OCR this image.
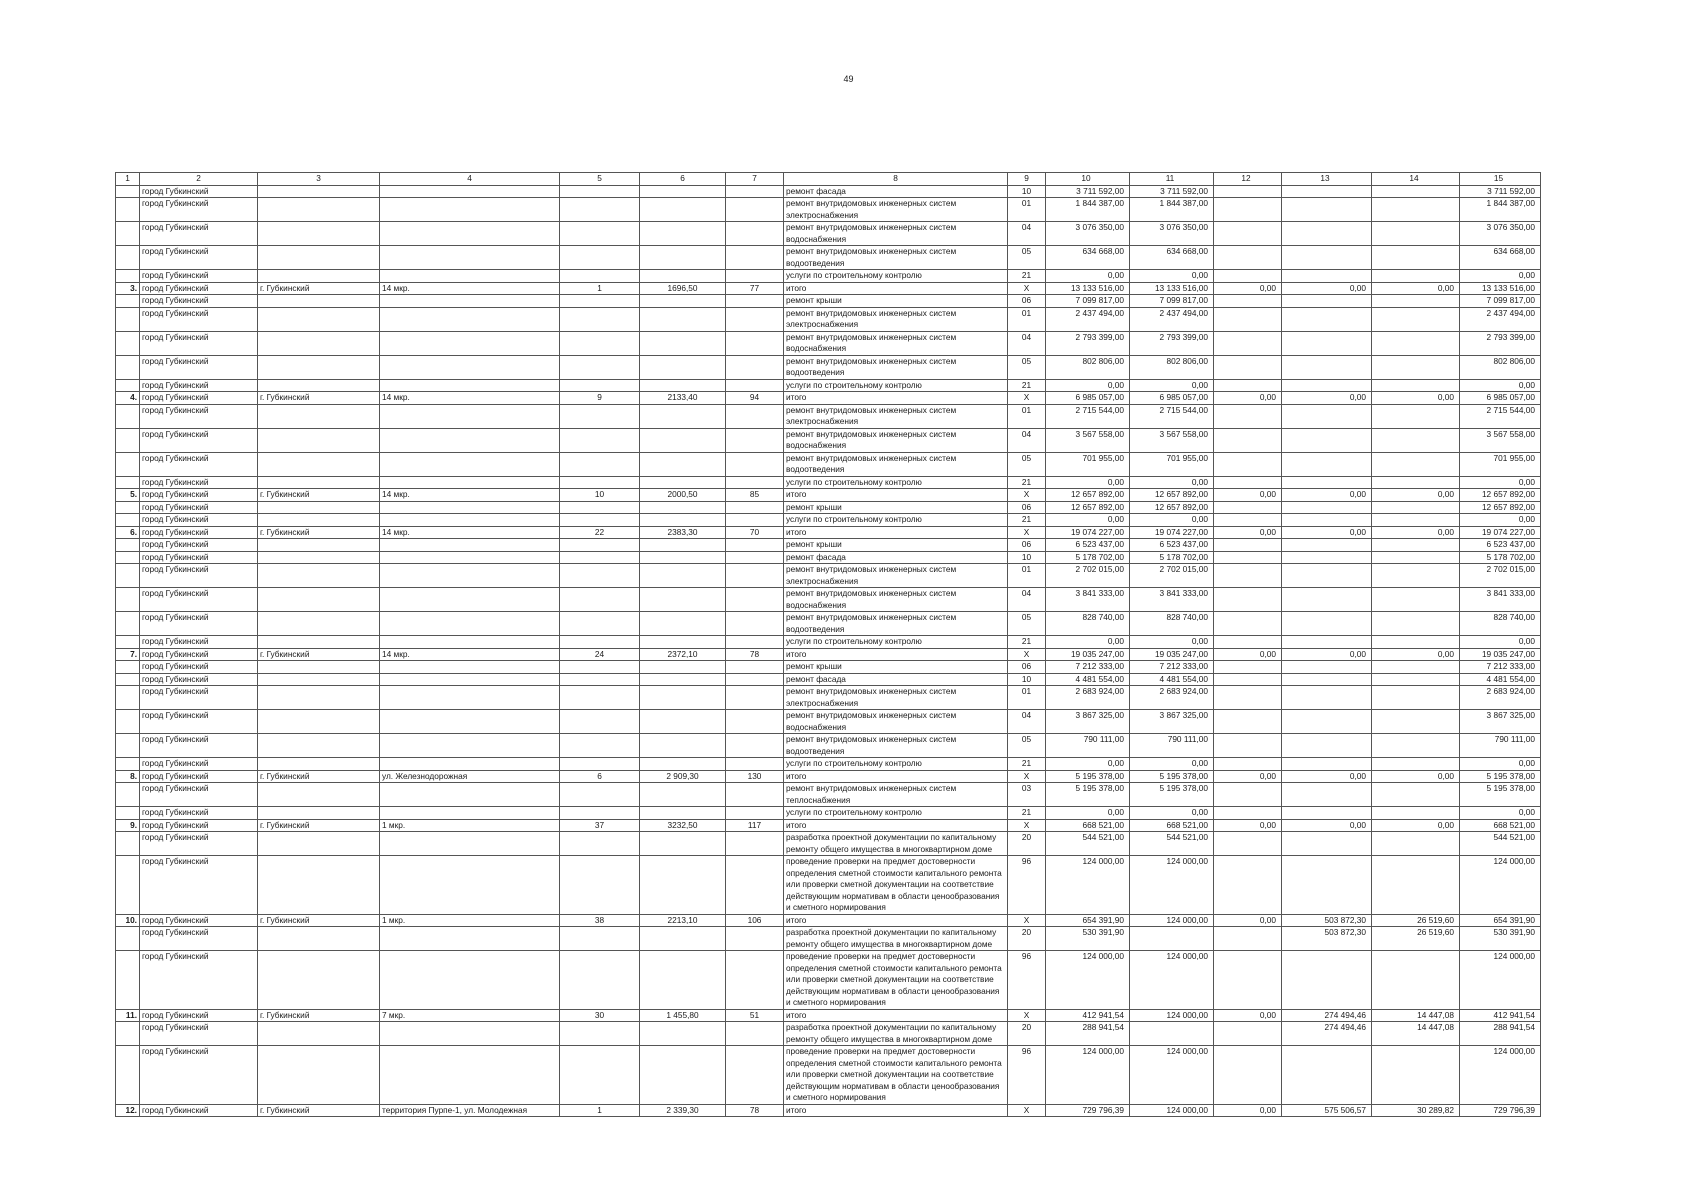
49
1	2	3	4	5	6	7	8	9	10	11	12	13	14	15
	город Губкинский						ремонт фасада	10	3 711 592,00	3 711 592,00				3 711 592,00
	город Губкинский						ремонт внутридомовых инженерных систем электроснабжения	01	1 844 387,00	1 844 387,00				1 844 387,00
	город Губкинский						ремонт внутридомовых инженерных систем водоснабжения	04	3 076 350,00	3 076 350,00				3 076 350,00
	город Губкинский						ремонт внутридомовых инженерных систем водоотведения	05	634 668,00	634 668,00				634 668,00
	город Губкинский						услуги по строительному контролю	21	0,00	0,00				0,00
3.	город Губкинский	г. Губкинский	14 мкр.	1	1696,50	77	итого	X	13 133 516,00	13 133 516,00	0,00	0,00	0,00	13 133 516,00
	город Губкинский						ремонт крыши	06	7 099 817,00	7 099 817,00				7 099 817,00
	город Губкинский						ремонт внутридомовых инженерных систем электроснабжения	01	2 437 494,00	2 437 494,00				2 437 494,00
	город Губкинский						ремонт внутридомовых инженерных систем водоснабжения	04	2 793 399,00	2 793 399,00				2 793 399,00
	город Губкинский						ремонт внутридомовых инженерных систем водоотведения	05	802 806,00	802 806,00				802 806,00
	город Губкинский						услуги по строительному контролю	21	0,00	0,00				0,00
4.	город Губкинский	г. Губкинский	14 мкр.	9	2133,40	94	итого	X	6 985 057,00	6 985 057,00	0,00	0,00	0,00	6 985 057,00
	город Губкинский						ремонт внутридомовых инженерных систем электроснабжения	01	2 715 544,00	2 715 544,00				2 715 544,00
	город Губкинский						ремонт внутридомовых инженерных систем водоснабжения	04	3 567 558,00	3 567 558,00				3 567 558,00
	город Губкинский						ремонт внутридомовых инженерных систем водоотведения	05	701 955,00	701 955,00				701 955,00
	город Губкинский						услуги по строительному контролю	21	0,00	0,00				0,00
5.	город Губкинский	г. Губкинский	14 мкр.	10	2000,50	85	итого	X	12 657 892,00	12 657 892,00	0,00	0,00	0,00	12 657 892,00
	город Губкинский						ремонт крыши	06	12 657 892,00	12 657 892,00				12 657 892,00
	город Губкинский						услуги по строительному контролю	21	0,00	0,00				0,00
6.	город Губкинский	г. Губкинский	14 мкр.	22	2383,30	70	итого	X	19 074 227,00	19 074 227,00	0,00	0,00	0,00	19 074 227,00
	город Губкинский						ремонт крыши	06	6 523 437,00	6 523 437,00				6 523 437,00
	город Губкинский						ремонт фасада	10	5 178 702,00	5 178 702,00				5 178 702,00
	город Губкинский						ремонт внутридомовых инженерных систем электроснабжения	01	2 702 015,00	2 702 015,00				2 702 015,00
	город Губкинский						ремонт внутридомовых инженерных систем водоснабжения	04	3 841 333,00	3 841 333,00				3 841 333,00
	город Губкинский						ремонт внутридомовых инженерных систем водоотведения	05	828 740,00	828 740,00				828 740,00
	город Губкинский						услуги по строительному контролю	21	0,00	0,00				0,00
7.	город Губкинский	г. Губкинский	14 мкр.	24	2372,10	78	итого	X	19 035 247,00	19 035 247,00	0,00	0,00	0,00	19 035 247,00
	город Губкинский						ремонт крыши	06	7 212 333,00	7 212 333,00				7 212 333,00
	город Губкинский						ремонт фасада	10	4 481 554,00	4 481 554,00				4 481 554,00
	город Губкинский						ремонт внутридомовых инженерных систем электроснабжения	01	2 683 924,00	2 683 924,00				2 683 924,00
	город Губкинский						ремонт внутридомовых инженерных систем водоснабжения	04	3 867 325,00	3 867 325,00				3 867 325,00
	город Губкинский						ремонт внутридомовых инженерных систем водоотведения	05	790 111,00	790 111,00				790 111,00
	город Губкинский						услуги по строительному контролю	21	0,00	0,00				0,00
8.	город Губкинский	г. Губкинский	ул. Железнодорожная	6	2 909,30	130	итого	X	5 195 378,00	5 195 378,00	0,00	0,00	0,00	5 195 378,00
	город Губкинский						ремонт внутридомовых инженерных систем теплоснабжения	03	5 195 378,00	5 195 378,00				5 195 378,00
	город Губкинский						услуги по строительному контролю	21	0,00	0,00				0,00
9.	город Губкинский	г. Губкинский	1 мкр.	37	3232,50	117	итого	X	668 521,00	668 521,00	0,00	0,00	0,00	668 521,00
	город Губкинский						разработка проектной документации по капитальному ремонту общего имущества в многоквартирном доме	20	544 521,00	544 521,00				544 521,00
	город Губкинский						проведение проверки на предмет достоверности определения сметной стоимости капитального ремонта или проверки сметной документации на соответствие действующим нормативам в области ценообразования и сметного нормирования	96	124 000,00	124 000,00				124 000,00
10.	город Губкинский	г. Губкинский	1 мкр.	38	2213,10	106	итого	X	654 391,90	124 000,00	0,00	503 872,30	26 519,60	654 391,90
	город Губкинский						разработка проектной документации по капитальному ремонту общего имущества в многоквартирном доме	20	530 391,90			503 872,30	26 519,60	530 391,90
	город Губкинский						проведение проверки на предмет достоверности определения сметной стоимости капитального ремонта или проверки сметной документации на соответствие действующим нормативам в области ценообразования и сметного нормирования	96	124 000,00	124 000,00				124 000,00
11.	город Губкинский	г. Губкинский	7 мкр.	30	1 455,80	51	итого	X	412 941,54	124 000,00	0,00	274 494,46	14 447,08	412 941,54
	город Губкинский						разработка проектной документации по капитальному ремонту общего имущества в многоквартирном доме	20	288 941,54			274 494,46	14 447,08	288 941,54
	город Губкинский						проведение проверки на предмет достоверности определения сметной стоимости капитального ремонта или проверки сметной документации на соответствие действующим нормативам в области ценообразования и сметного нормирования	96	124 000,00	124 000,00				124 000,00
12.	город Губкинский	г. Губкинский	территория Пурпе-1, ул. Молодежная	1	2 339,30	78	итого	X	729 796,39	124 000,00	0,00	575 506,57	30 289,82	729 796,39
